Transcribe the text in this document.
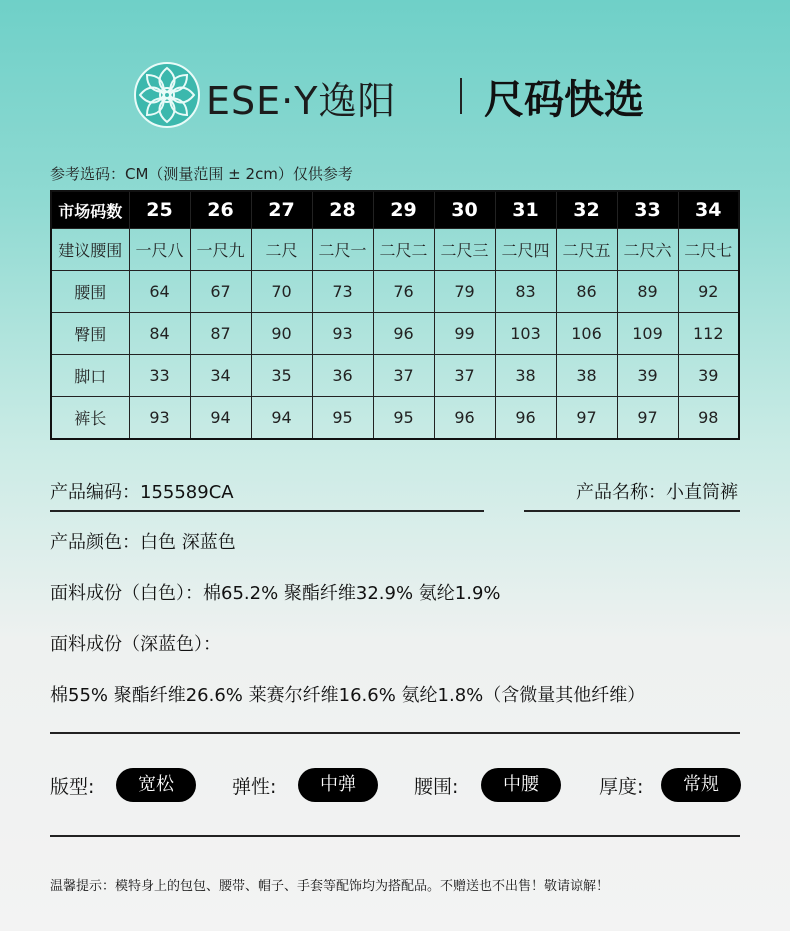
ESE·Y逸阳 尺码快选
参考选码：CM（测量范围 ± 2cm）仅供参考
市场码数	25	26	27	28	29	30	31	32	33	34
建议腰围	一尺八	一尺九	二尺	二尺一	二尺二	二尺三	二尺四	二尺五	二尺六	二尺七
腰围	64	67	70	73	76	79	83	86	89	92
臀围	84	87	90	93	96	99	103	106	109	112
脚口	33	34	35	36	37	37	38	38	39	39
裤长	93	94	94	95	95	96	96	97	97	98
产品编码：155589CA	产品名称：小直筒裤
产品颜色：白色 深蓝色
面料成份（白色）：棉65.2% 聚酯纤维32.9% 氨纶1.9%
面料成份（深蓝色）：
棉55% 聚酯纤维26.6% 莱赛尔纤维16.6% 氨纶1.8%（含微量其他纤维）
版型:	宽松	弹性:	中弹	腰围:	中腰	厚度:	常规
温馨提示：模特身上的包包、腰带、帽子、手套等配饰均为搭配品。不赠送也不出售！敬请谅解！
